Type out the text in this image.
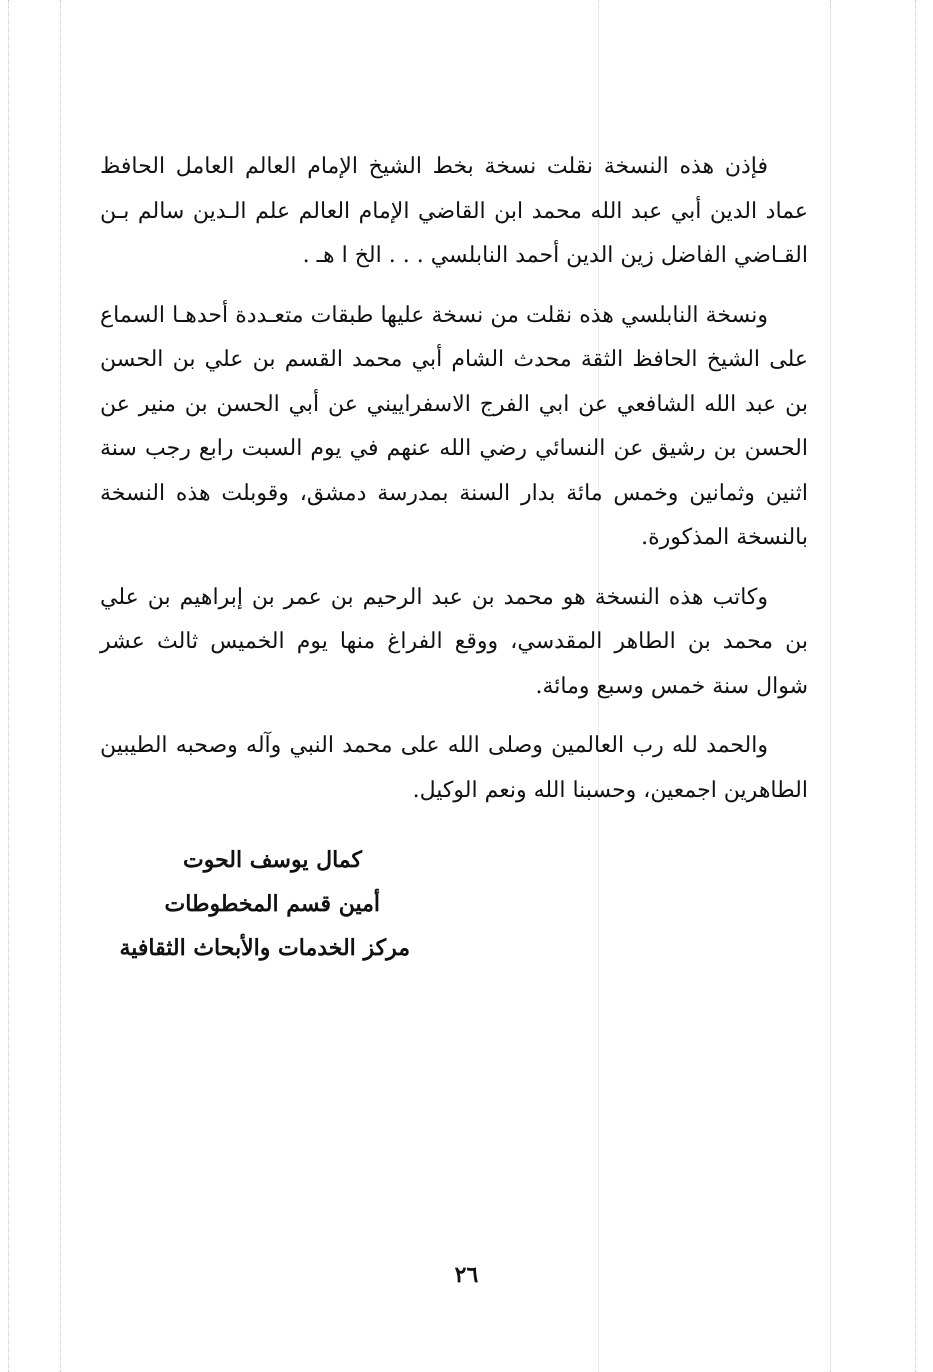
فإذن هذه النسخة نقلت نسخة بخط الشيخ الإمام العالم العامل الحافظ عماد الدين أبي عبد الله محمد ابن القاضي الإمام العالم علم الـدين سالم بـن القـاضي الفاضل زين الدين أحمد النابلسي . . . الخ ا هـ .

ونسخة النابلسي هذه نقلت من نسخة عليها طبقات متعـددة أحدهـا السماع على الشيخ الحافظ الثقة محدث الشام أبي محمد القسم بن علي بن الحسن بن عبد الله الشافعي عن ابي الفرج الاسفراييني عن أبي الحسن بن منير عن الحسن بن رشيق عن النسائي رضي الله عنهم في يوم السبت رابع رجب سنة اثنين وثمانين وخمس مائة بدار السنة بمدرسة دمشق، وقوبلت هذه النسخة بالنسخة المذكورة.

وكاتب هذه النسخة هو محمد بن عبد الرحيم بن عمر بن إبراهيم بن علي بن محمد بن الطاهر المقدسي، ووقع الفراغ منها يوم الخميس ثالث عشر شوال سنة خمس وسبع ومائة.

والحمد لله رب العالمين وصلى الله على محمد النبي وآله وصحبه الطيبين الطاهرين اجمعين، وحسبنا الله ونعم الوكيل.

كمال يوسف الحوت
أمين قسم المخطوطات
مركز الخدمات والأبحاث الثقافية
٢٦
